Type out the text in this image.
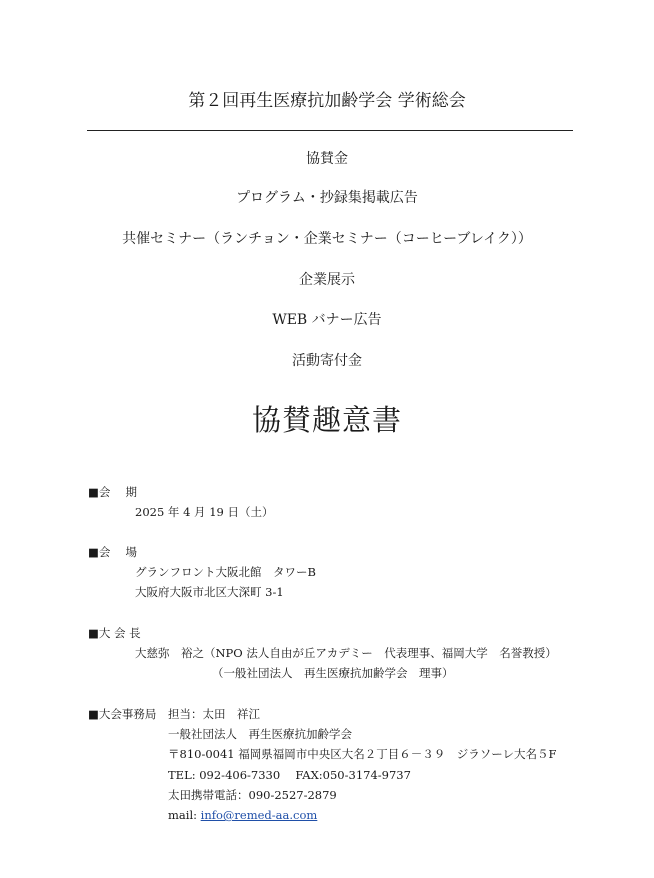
第２回再生医療抗加齢学会 学術総会
協賛金
プログラム・抄録集掲載広告
共催セミナー（ランチョン・企業セミナー（コーヒーブレイク））
企業展示
WEB バナー広告
活動寄付金
協賛趣意書
■会　 期
2025 年 4 月 19 日（土）
■会　 場
グランフロント大阪北館　タワーB
大阪府大阪市北区大深町 3-1
■大 会 長
大慈弥　裕之（NPO 法人自由が丘アカデミー　代表理事、福岡大学　名誉教授）
（一般社団法人　再生医療抗加齢学会　理事）
■大会事務局 担当：太田　祥江
一般社団法人　再生医療抗加齢学会
〒810-0041 福岡県福岡市中央区大名２丁目６－３９　ジラソーレ大名５F
TEL: 092-406-7330　 FAX:050-3174-9737
太田携帯電話：090-2527-2879
mail: info@remed-aa.com
